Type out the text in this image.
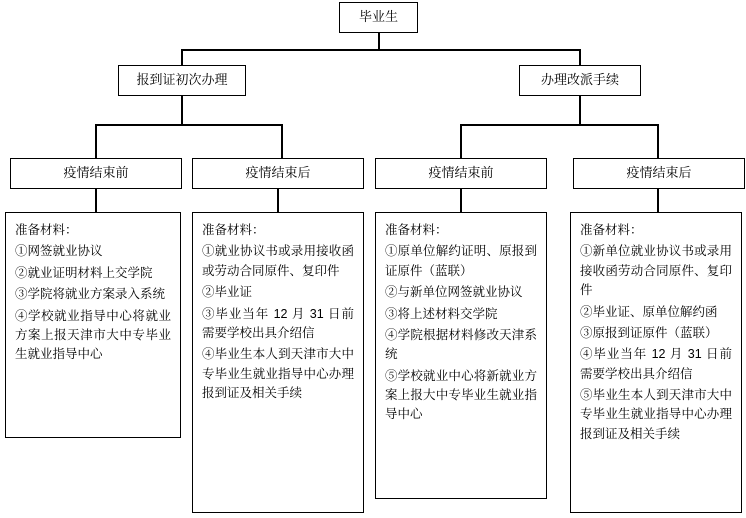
毕业生
报到证初次办理	办理改派手续
疫情结束前	疫情结束后	疫情结束前	疫情结束后
准备材料：
①网签就业协议
②就业证明材料上交学院
③学院将就业方案录入系统
④学校就业指导中心将就业方案上报天津市大中专毕业生就业指导中心
准备材料：
①就业协议书或录用接收函或劳动合同原件、复印件
②毕业证
③毕业当年 12 月 31 日前需要学校出具介绍信
④毕业生本人到天津市大中专毕业生就业指导中心办理报到证及相关手续
准备材料：
①原单位解约证明、原报到证原件（蓝联）
②与新单位网签就业协议
③将上述材料交学院
④学院根据材料修改天津系统
⑤学校就业中心将新就业方案上报大中专毕业生就业指导中心
准备材料：
①新单位就业协议书或录用接收函劳动合同原件、复印件
②毕业证、原单位解约函
③原报到证原件（蓝联）
④毕业当年 12 月 31 日前需要学校出具介绍信
⑤毕业生本人到天津市大中专毕业生就业指导中心办理报到证及相关手续
